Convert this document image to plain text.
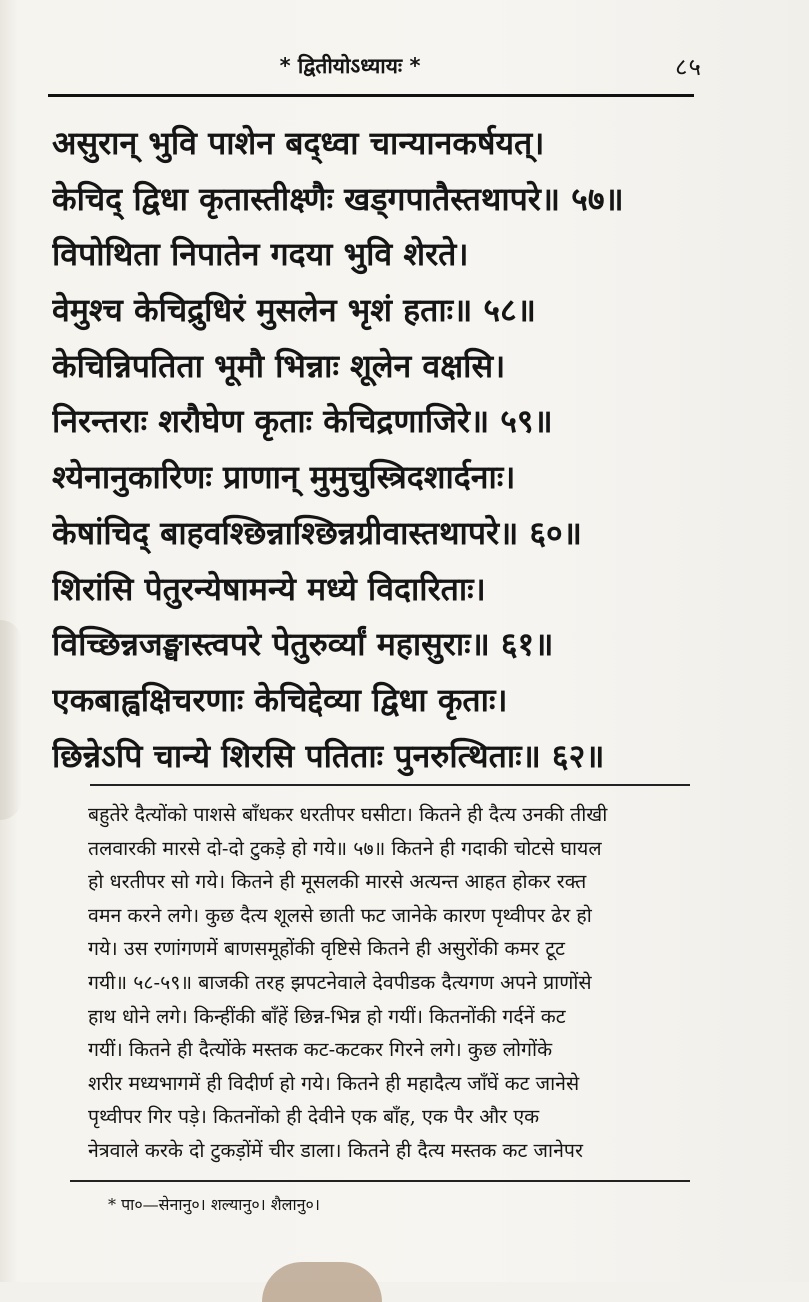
* द्वितीयोऽध्यायः *	८५
असुरान् भुवि पाशेन बद्ध्वा चान्यानकर्षयत्।
केचिद् द्विधा कृतास्तीक्ष्णैः खड्गपातैस्तथापरे॥ ५७॥
विपोथिता निपातेन गदया भुवि शेरते।
वेमुश्च केचिद्रुधिरं मुसलेन भृशं हताः॥ ५८॥
केचिन्निपतिता भूमौ भिन्नाः शूलेन वक्षसि।
निरन्तराः शरौघेण कृताः केचिद्रणाजिरे॥ ५९॥
श्येनानुकारिणः प्राणान् मुमुचुस्त्रिदशार्दनाः।
केषांचिद् बाहवश्छिन्नाश्छिन्नग्रीवास्तथापरे॥ ६०॥
शिरांसि पेतुरन्येषामन्ये मध्ये विदारिताः।
विच्छिन्नजङ्घास्त्वपरे पेतुरुर्व्यां महासुराः॥ ६१॥
एकबाह्वक्षिचरणाः केचिद्देव्या द्विधा कृताः।
छिन्नेऽपि चान्ये शिरसि पतिताः पुनरुत्थिताः॥ ६२॥
बहुतेरे दैत्योंको पाशसे बाँधकर धरतीपर घसीटा। कितने ही दैत्य उनकी तीखी
तलवारकी मारसे दो-दो टुकड़े हो गये॥ ५७॥ कितने ही गदाकी चोटसे घायल
हो धरतीपर सो गये। कितने ही मूसलकी मारसे अत्यन्त आहत होकर रक्त
वमन करने लगे। कुछ दैत्य शूलसे छाती फट जानेके कारण पृथ्वीपर ढेर हो
गये। उस रणांगणमें बाणसमूहोंकी वृष्टिसे कितने ही असुरोंकी कमर टूट
गयी॥ ५८-५९॥ बाजकी तरह झपटनेवाले देवपीडक दैत्यगण अपने प्राणोंसे
हाथ धोने लगे। किन्हींकी बाँहें छिन्न-भिन्न हो गयीं। कितनोंकी गर्दनें कट
गयीं। कितने ही दैत्योंके मस्तक कट-कटकर गिरने लगे। कुछ लोगोंके
शरीर मध्यभागमें ही विदीर्ण हो गये। कितने ही महादैत्य जाँघें कट जानेसे
पृथ्वीपर गिर पड़े। कितनोंको ही देवीने एक बाँह, एक पैर और एक
नेत्रवाले करके दो टुकड़ोंमें चीर डाला। कितने ही दैत्य मस्तक कट जानेपर
* पा०—सेनानु०। शल्यानु०। शैलानु०।
